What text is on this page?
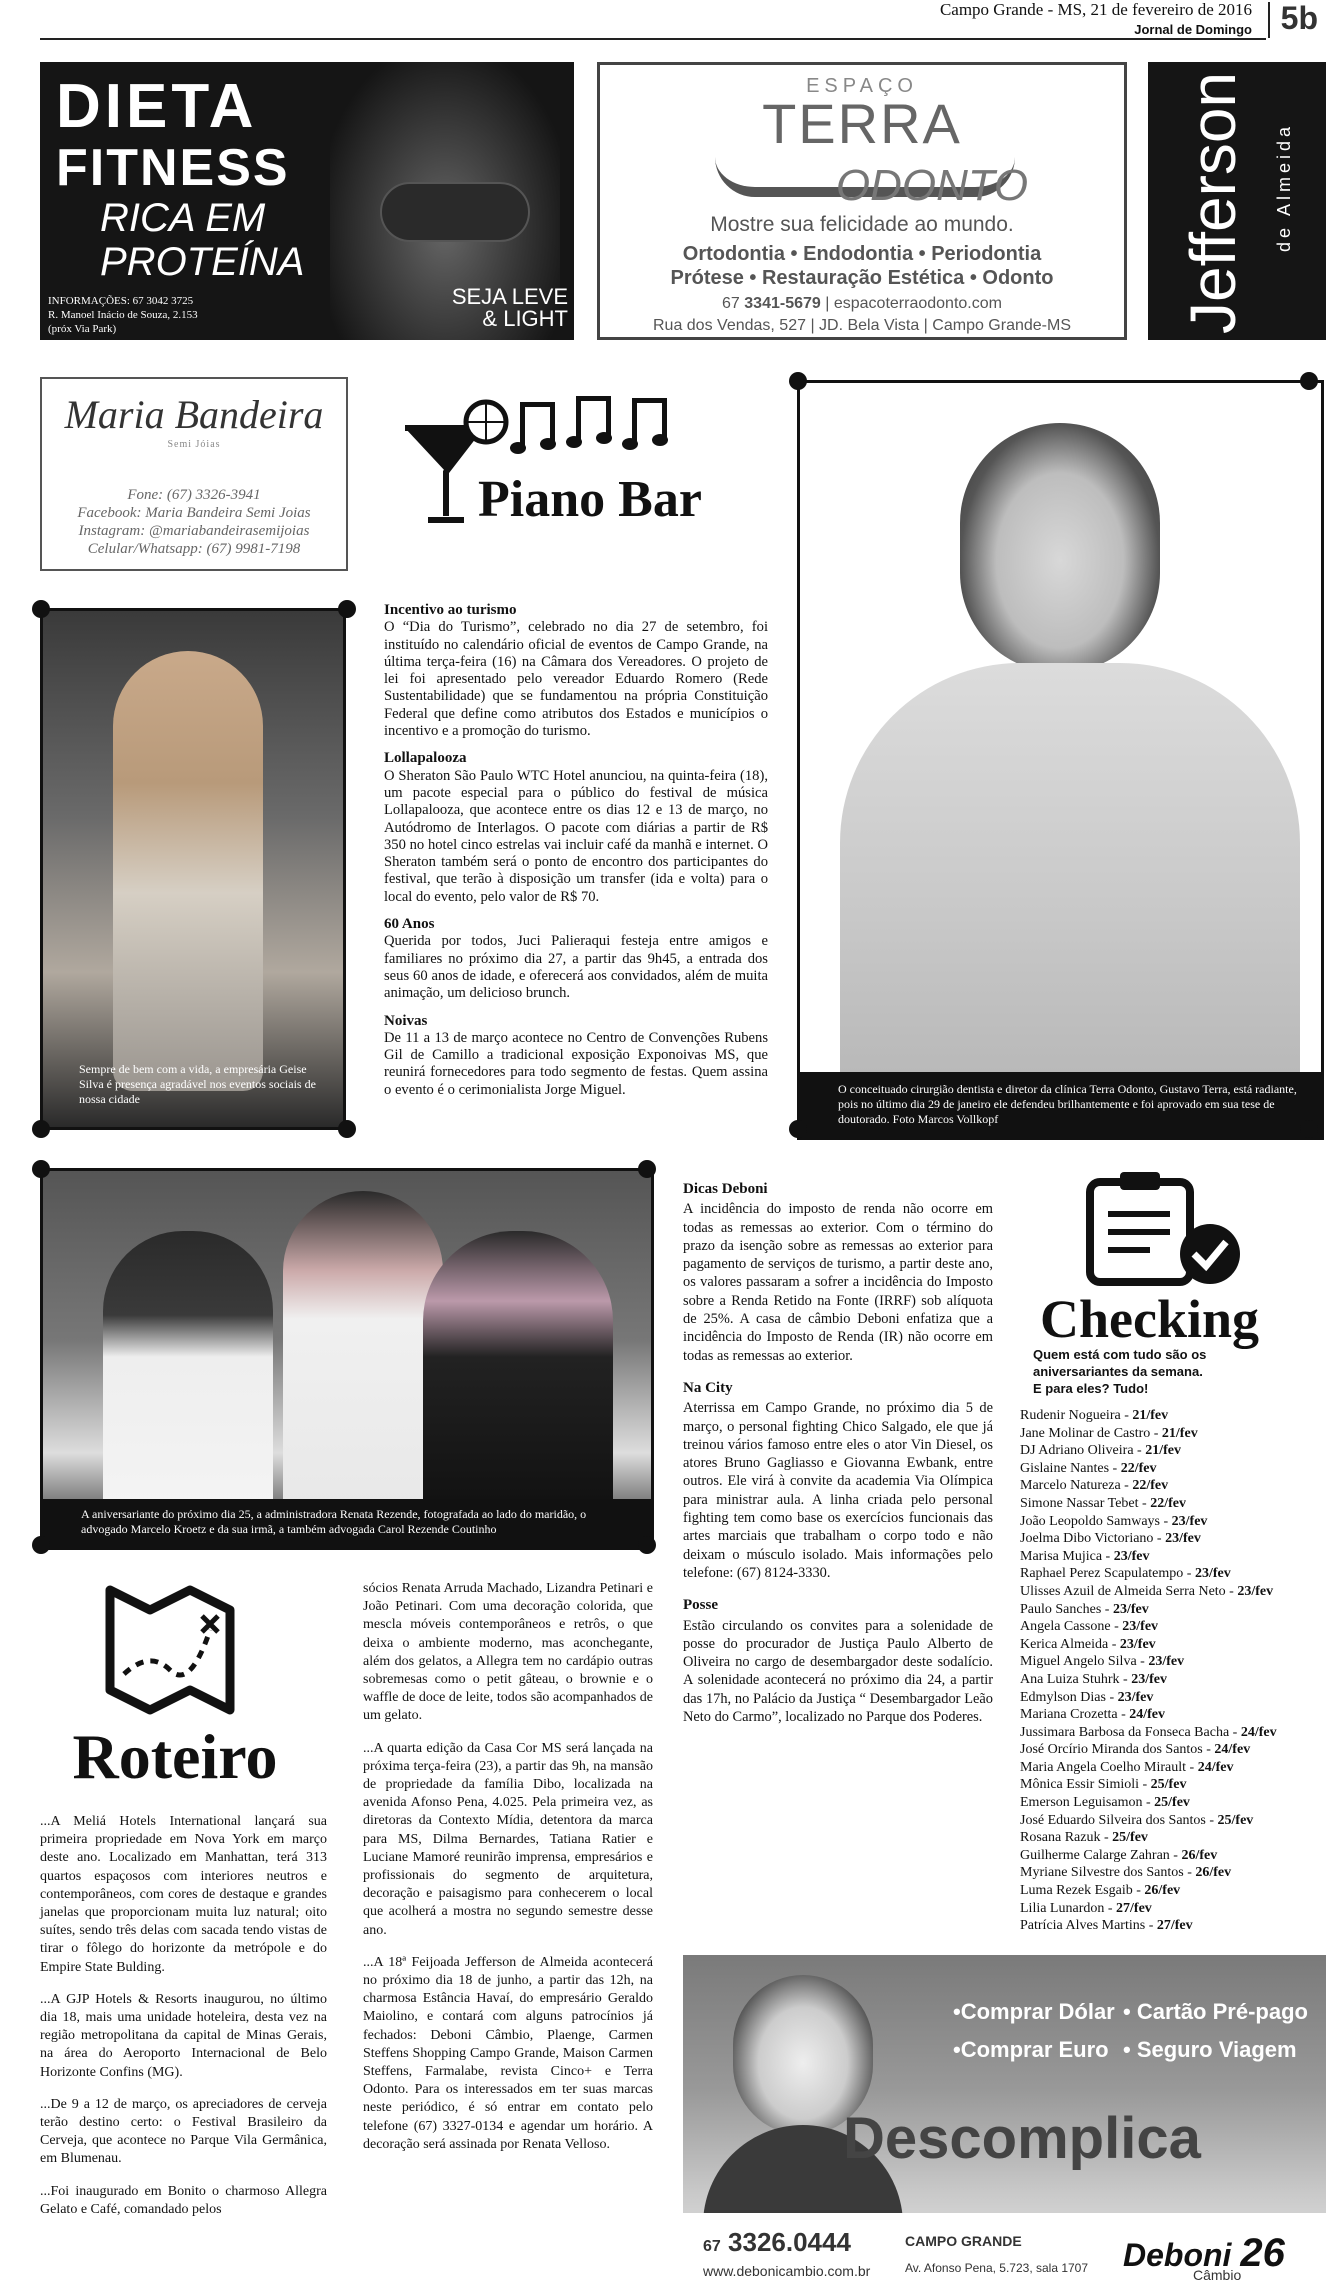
Campo Grande - MS, 21 de fevereiro de 2016
Jornal de Domingo 5b
DIETA
FITNESS
RICA EM
PROTEÍNA
INFORMAÇÕES: 67 3042 3725
R. Manoel Inácio de Souza, 2.153
(próx Via Park)
SEJA LEVE
& LIGHT
ESPAÇO
TERRA
ODONTO
Mostre sua felicidade ao mundo.
Ortodontia • Endodontia • Periodontia
Prótese • Restauração Estética • Odonto
67 3341-5679 | espacoterraodonto.com
Rua dos Vendas, 527 | JD. Bela Vista | Campo Grande-MS	Jefferson de Almeida
Maria Bandeira
Semi Jóias
Fone: (67) 3326-3941
Facebook: Maria Bandeira Semi Joias
Instagram: @mariabandeirasemijoias
Celular/Whatsapp: (67) 9981-7198
Piano Bar
Sempre de bem com a vida, a empresária Geise Silva é presença agradável nos eventos sociais de nossa cidade
Incentivo ao turismo

O “Dia do Turismo”, celebrado no dia 27 de setembro, foi instituído no calendário oficial de eventos de Campo Grande, na última terça-feira (16) na Câmara dos Vereadores. O projeto de lei foi apresentado pelo vereador Eduardo Romero (Rede Sustentabilidade) que se fundamentou na própria Constituição Federal que define como atributos dos Estados e municípios o incentivo e a promoção do turismo.

Lollapalooza

O Sheraton São Paulo WTC Hotel anunciou, na quinta-feira (18), um pacote especial para o público do festival de música Lollapalooza, que acontece entre os dias 12 e 13 de março, no Autódromo de Interlagos. O pacote com diárias a partir de R$ 350 no hotel cinco estrelas vai incluir café da manhã e internet. O Sheraton também será o ponto de encontro dos participantes do festival, que terão à disposição um transfer (ida e volta) para o local do evento, pelo valor de R$ 70.

60 Anos

Querida por todos, Juci Palieraqui festeja entre amigos e familiares no próximo dia 27, a partir das 9h45, a entrada dos seus 60 anos de idade, e oferecerá aos convidados, além de muita animação, um delicioso brunch.

Noivas

De 11 a 13 de março acontece no Centro de Convenções Rubens Gil de Camillo a tradicional exposição Exponoivas MS, que reunirá fornecedores para todo segmento de festas. Quem assina o evento é o cerimonialista Jorge Miguel.	O conceituado cirurgião dentista e diretor da clínica Terra Odonto, Gustavo Terra, está radiante, pois no último dia 29 de janeiro ele defendeu brilhantemente e foi aprovado em sua tese de doutorado. Foto Marcos Vollkopf
A aniversariante do próximo dia 25, a administradora Renata Rezende, fotografada ao lado do maridão, o advogado Marcelo Kroetz e da sua irmã, a também advogada Carol Rezende Coutinho
Dicas Deboni

A incidência do imposto de renda não ocorre em todas as remessas ao exterior. Com o término do prazo da isenção sobre as remessas ao exterior para pagamento de serviços de turismo, a partir deste ano, os valores passaram a sofrer a incidência do Imposto sobre a Renda Retido na Fonte (IRRF) sob alíquota de 25%. A casa de câmbio Deboni enfatiza que a incidência do Imposto de Renda (IR) não ocorre em todas as remessas ao exterior.

Na City

Aterrissa em Campo Grande, no próximo dia 5 de março, o personal fighting Chico Salgado, ele que já treinou vários famoso entre eles o ator Vin Diesel, os atores Bruno Gagliasso e Giovanna Ewbank, entre outros. Ele virá à convite da academia Via Olímpica para ministrar aula. A linha criada pelo personal fighting tem como base os exercícios funcionais das artes marciais que trabalham o corpo todo e não deixam o músculo isolado. Mais informações pelo telefone: (67) 8124-3330.

Posse

Estão circulando os convites para a solenidade de posse do procurador de Justiça Paulo Alberto de Oliveira no cargo de desembargador deste sodalício. A solenidade acontecerá no próximo dia 24, a partir das 17h, no Palácio da Justiça “ Desembargador Leão Neto do Carmo”, localizado no Parque dos Poderes.

Checking
Quem está com tudo são os
aniversariantes da semana.
E para eles? Tudo!
Rudenir Nogueira - 21/fev
Jane Molinar de Castro - 21/fev
DJ Adriano Oliveira - 21/fev
Gislaine Nantes - 22/fev
Marcelo Natureza - 22/fev
Simone Nassar Tebet - 22/fev
João Leopoldo Samways - 23/fev
Joelma Dibo Victoriano - 23/fev
Marisa Mujica - 23/fev
Raphael Perez Scapulatempo - 23/fev
Ulisses Azuil de Almeida Serra Neto - 23/fev
Paulo Sanches - 23/fev
Angela Cassone - 23/fev
Kerica Almeida - 23/fev
Miguel Angelo Silva - 23/fev
Ana Luiza Stuhrk - 23/fev
Edmylson Dias - 23/fev
Mariana Crozetta - 24/fev
Jussimara Barbosa da Fonseca Bacha - 24/fev
José Orcírio Miranda dos Santos - 24/fev
Maria Angela Coelho Mirault - 24/fev
Mônica Essir Simioli - 25/fev
Emerson Leguisamon - 25/fev
José Eduardo Silveira dos Santos - 25/fev
Rosana Razuk - 25/fev
Guilherme Calarge Zahran - 26/fev
Myriane Silvestre dos Santos - 26/fev
Luma Rezek Esgaib - 26/fev
Lilia Lunardon - 27/fev
Patrícia Alves Martins - 27/fev
Roteiro

...A Meliá Hotels International lançará sua primeira propriedade em Nova York em março deste ano. Localizado em Manhattan, terá 313 quartos espaçosos com interiores neutros e contemporâneos, com cores de destaque e grandes janelas que proporcionam muita luz natural; oito suítes, sendo três delas com sacada tendo vistas de tirar o fôlego do horizonte da metrópole e do Empire State Bulding.

...A GJP Hotels & Resorts inaugurou, no último dia 18, mais uma unidade hoteleira, desta vez na região metropolitana da capital de Minas Gerais, na área do Aeroporto Internacional de Belo Horizonte Confins (MG).

...De 9 a 12 de março, os apreciadores de cerveja terão destino certo: o Festival Brasileiro da Cerveja, que acontece no Parque Vila Germânica, em Blumenau.

...Foi inaugurado em Bonito o charmoso Allegra Gelato e Café, comandado pelos

sócios Renata Arruda Machado, Lizandra Petinari e João Petinari. Com uma decoração colorida, que mescla móveis contemporâneos e retrôs, o que deixa o ambiente moderno, mas aconchegante, além dos gelatos, a Allegra tem no cardápio outras sobremesas como o petit gâteau, o brownie e o waffle de doce de leite, todos são acompanhados de um gelato.

...A quarta edição da Casa Cor MS será lançada na próxima terça-feira (23), a partir das 9h, na mansão de propriedade da família Dibo, localizada na avenida Afonso Pena, 4.025. Pela primeira vez, as diretoras da Contexto Mídia, detentora da marca para MS, Dilma Bernardes, Tatiana Ratier e Luciane Mamoré reunirão imprensa, empresários e profissionais do segmento de arquitetura, decoração e paisagismo para conhecerem o local que acolherá a mostra no segundo semestre desse ano.

...A 18ª Feijoada Jefferson de Almeida acontecerá no próximo dia 18 de junho, a partir das 12h, na charmosa Estância Havaí, do empresário Geraldo Maiolino, e contará com alguns patrocínios já fechados: Deboni Câmbio, Plaenge, Carmen Steffens Shopping Campo Grande, Maison Carmen Steffens, Farmalabe, revista Cinco+ e Terra Odonto. Para os interessados em ter suas marcas neste periódico, é só entrar em contato pelo telefone (67) 3327-0134 e agendar um horário. A decoração será assinada por Renata Velloso.

•Comprar Dólar • Cartão Pré-pago
•Comprar Euro • Seguro Viagem
Descomplica
67 3326.0444
www.debonicambio.com.br
CAMPO GRANDE
Av. Afonso Pena, 5.723, sala 1707 Deboni 26
Câmbio
